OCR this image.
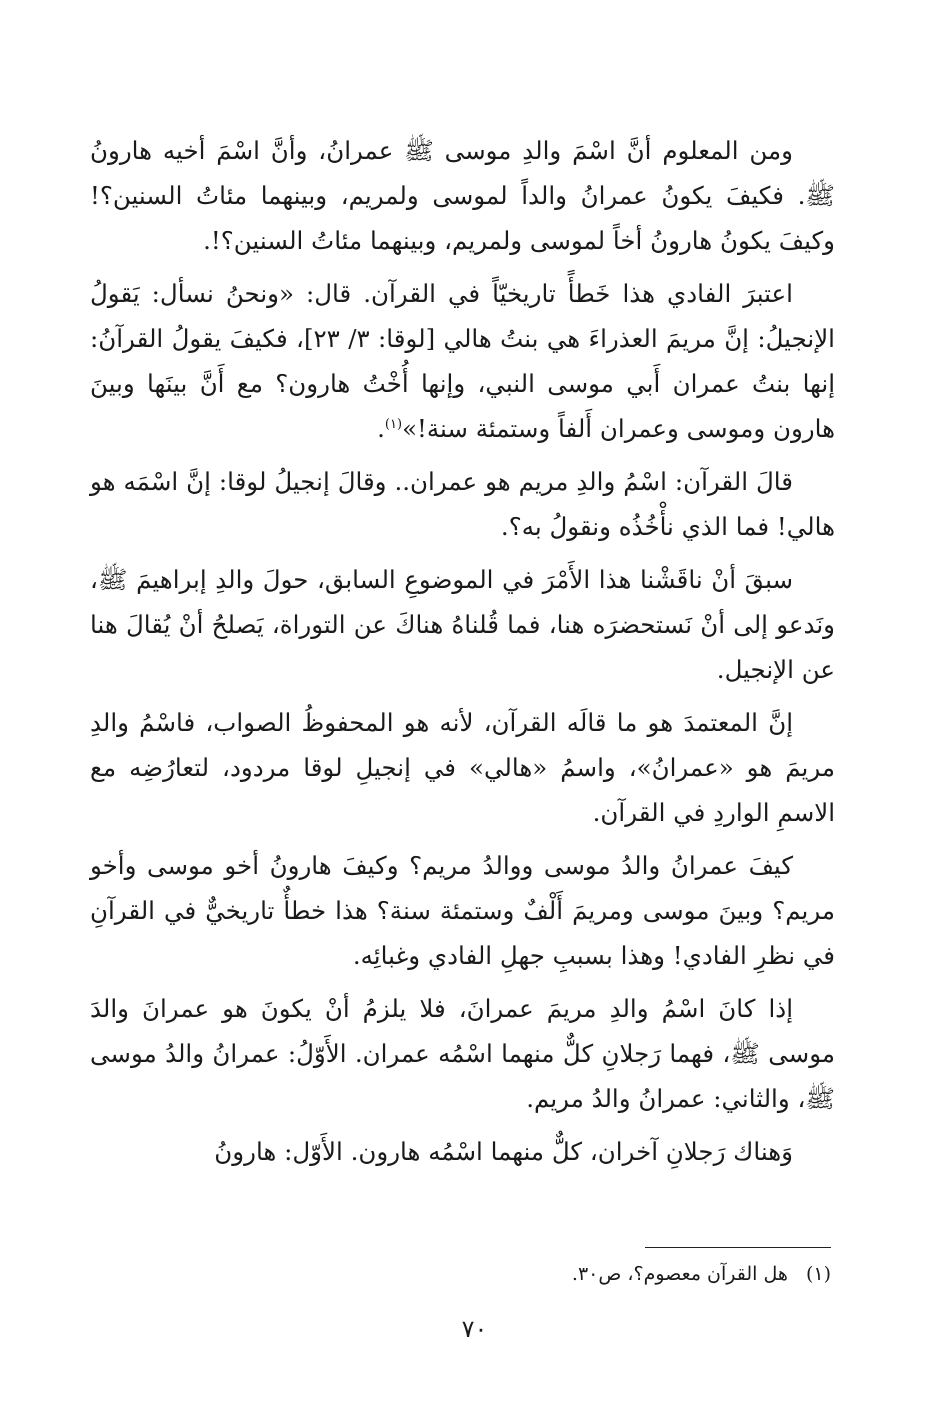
ومن المعلوم أنَّ اسْمَ والدِ موسى ﷺ عمرانُ، وأنَّ اسْمَ أخيه هارونُ ﷺ. فكيفَ يكونُ عمرانُ والداً لموسى ولمريم، وبينهما مئاتُ السنين؟! وكيفَ يكونُ هارونُ أخاً لموسى ولمريم، وبينهما مئاتُ السنين؟!.

اعتبرَ الفادي هذا خَطأً تاريخيّاً في القرآن. قال: «ونحنُ نسأل: يَقولُ الإنجيلُ: إنَّ مريمَ العذراءَ هي بنتُ هالي [لوقا: ٣/ ٢٣]، فكيفَ يقولُ القرآنُ: إنها بنتُ عمران أَبي موسى النبي، وإنها أُخْتُ هارون؟ مع أَنَّ بينَها وبينَ هارون وموسى وعمران أَلفاً وستمئة سنة!»$^{(١)}$.

قالَ القرآن: اسْمُ والدِ مريم هو عمران.. وقالَ إنجيلُ لوقا: إنَّ اسْمَه هو هالي! فما الذي نأْخُذُه ونقولُ به؟.

سبقَ أنْ ناقَشْنا هذا الأَمْرَ في الموضوعِ السابق، حولَ والدِ إبراهيمَ ﷺ، ونَدعو إلى أنْ نَستحضرَه هنا، فما قُلناهُ هناكَ عن التوراة، يَصلحُ أنْ يُقالَ هنا عن الإنجيل.

إنَّ المعتمدَ هو ما قالَه القرآن، لأنه هو المحفوظُ الصواب، فاسْمُ والدِ مريمَ هو «عمرانُ»، واسمُ «هالي» في إنجيلِ لوقا مردود، لتعارُضِه مع الاسمِ الواردِ في القرآن.

كيفَ عمرانُ والدُ موسى ووالدُ مريم؟ وكيفَ هارونُ أخو موسى وأخو مريم؟ وبينَ موسى ومريمَ أَلْفٌ وستمئة سنة؟ هذا خطأٌ تاريخيٌّ في القرآنِ في نظرِ الفادي! وهذا بسببِ جهلِ الفادي وغبائِه.

إذا كانَ اسْمُ والدِ مريمَ عمرانَ، فلا يلزمُ أنْ يكونَ هو عمرانَ والدَ موسى ﷺ، فهما رَجلانِ كلٌّ منهما اسْمُه عمران. الأَوّلُ: عمرانُ والدُ موسى ﷺ، والثاني: عمرانُ والدُ مريم.

وَهناك رَجلانِ آخران، كلٌّ منهما اسْمُه هارون. الأَوّل: هارونُ

(١) هل القرآن معصوم؟، ص٣٠.
٧٠
